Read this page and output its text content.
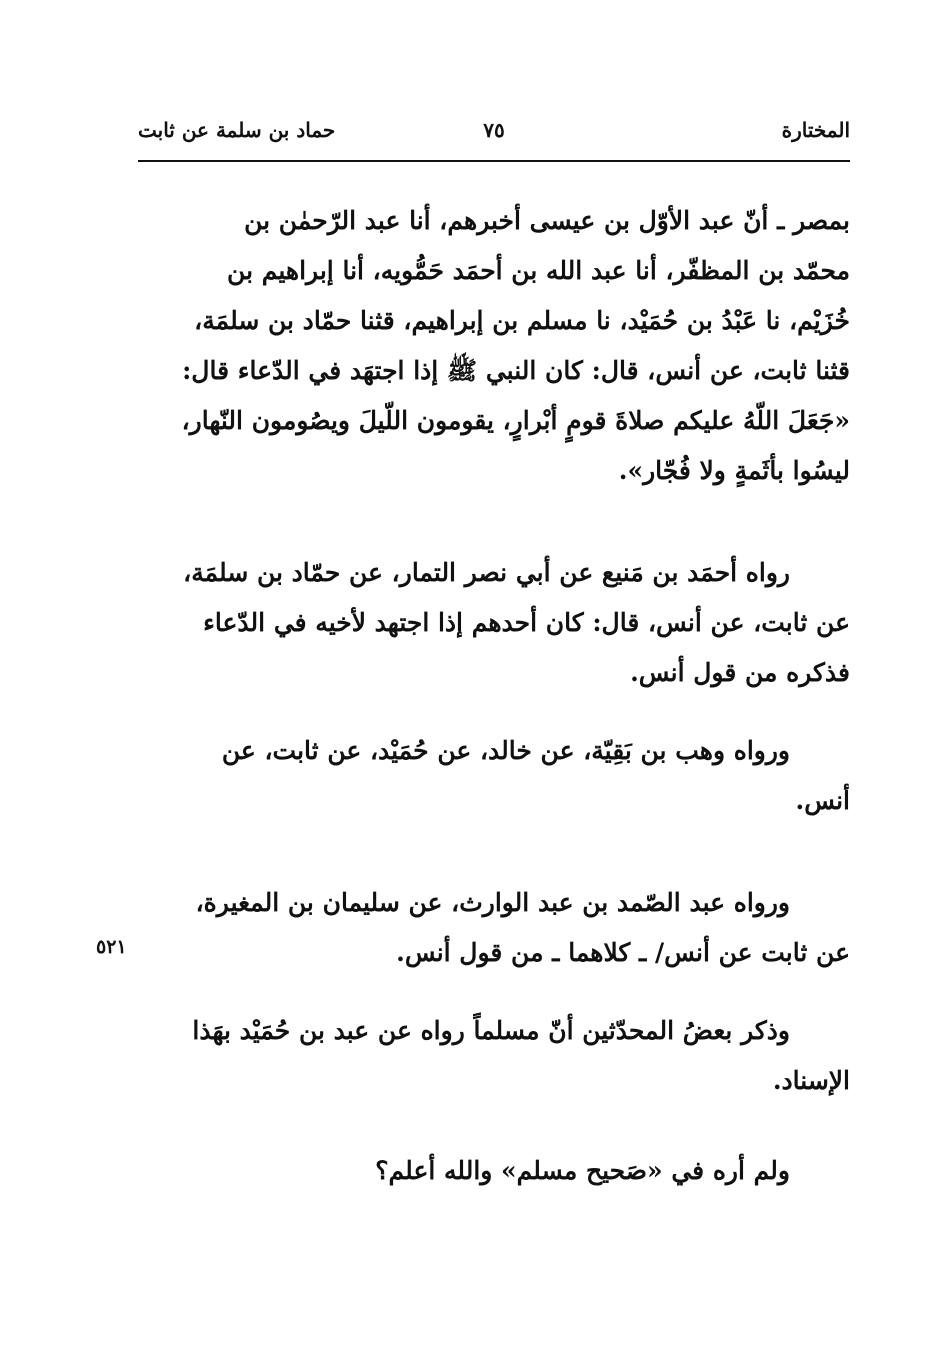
المختارة
٧٥
حماد بن سلمة عن ثابت
بمصر ـ أنّ عبد الأوّل بن عيسى أخبرهم، أنا عبد الرّحمٰن بن
محمّد بن المظفّر، أنا عبد الله بن أحمَد حَمُّويه، أنا إبراهيم بن
خُزَيْم، نا عَبْدُ بن حُمَيْد، نا مسلم بن إبراهيم، قثنا حمّاد بن سلمَة،
قثنا ثابت، عن أنس، قال: كان النبي ﷺ إذا اجتهَد في الدّعاء قال:
«جَعَلَ اللّهُ عليكم صلاةَ قومٍ أبْرارٍ، يقومون اللّيلَ ويصُومون النّهار،
ليسُوا بأثَمةٍ ولا فُجّار».
رواه أحمَد بن مَنيع عن أبي نصر التمار، عن حمّاد بن سلمَة،
عن ثابت، عن أنس، قال: كان أحدهم إذا اجتهد لأخيه في الدّعاء
فذكره من قول أنس.
ورواه وهب بن بَقِيّة، عن خالد، عن حُمَيْد، عن ثابت، عن
أنس.
ورواه عبد الصّمد بن عبد الوارث، عن سليمان بن المغيرة،
عن ثابت عن أنس/ ـ كلاهما ـ من قول أنس.
٥٢١
وذكر بعضُ المحدّثين أنّ مسلماً رواه عن عبد بن حُمَيْد بهَذا
الإسناد.
ولم أره في «صَحيح مسلم» والله أعلم؟
